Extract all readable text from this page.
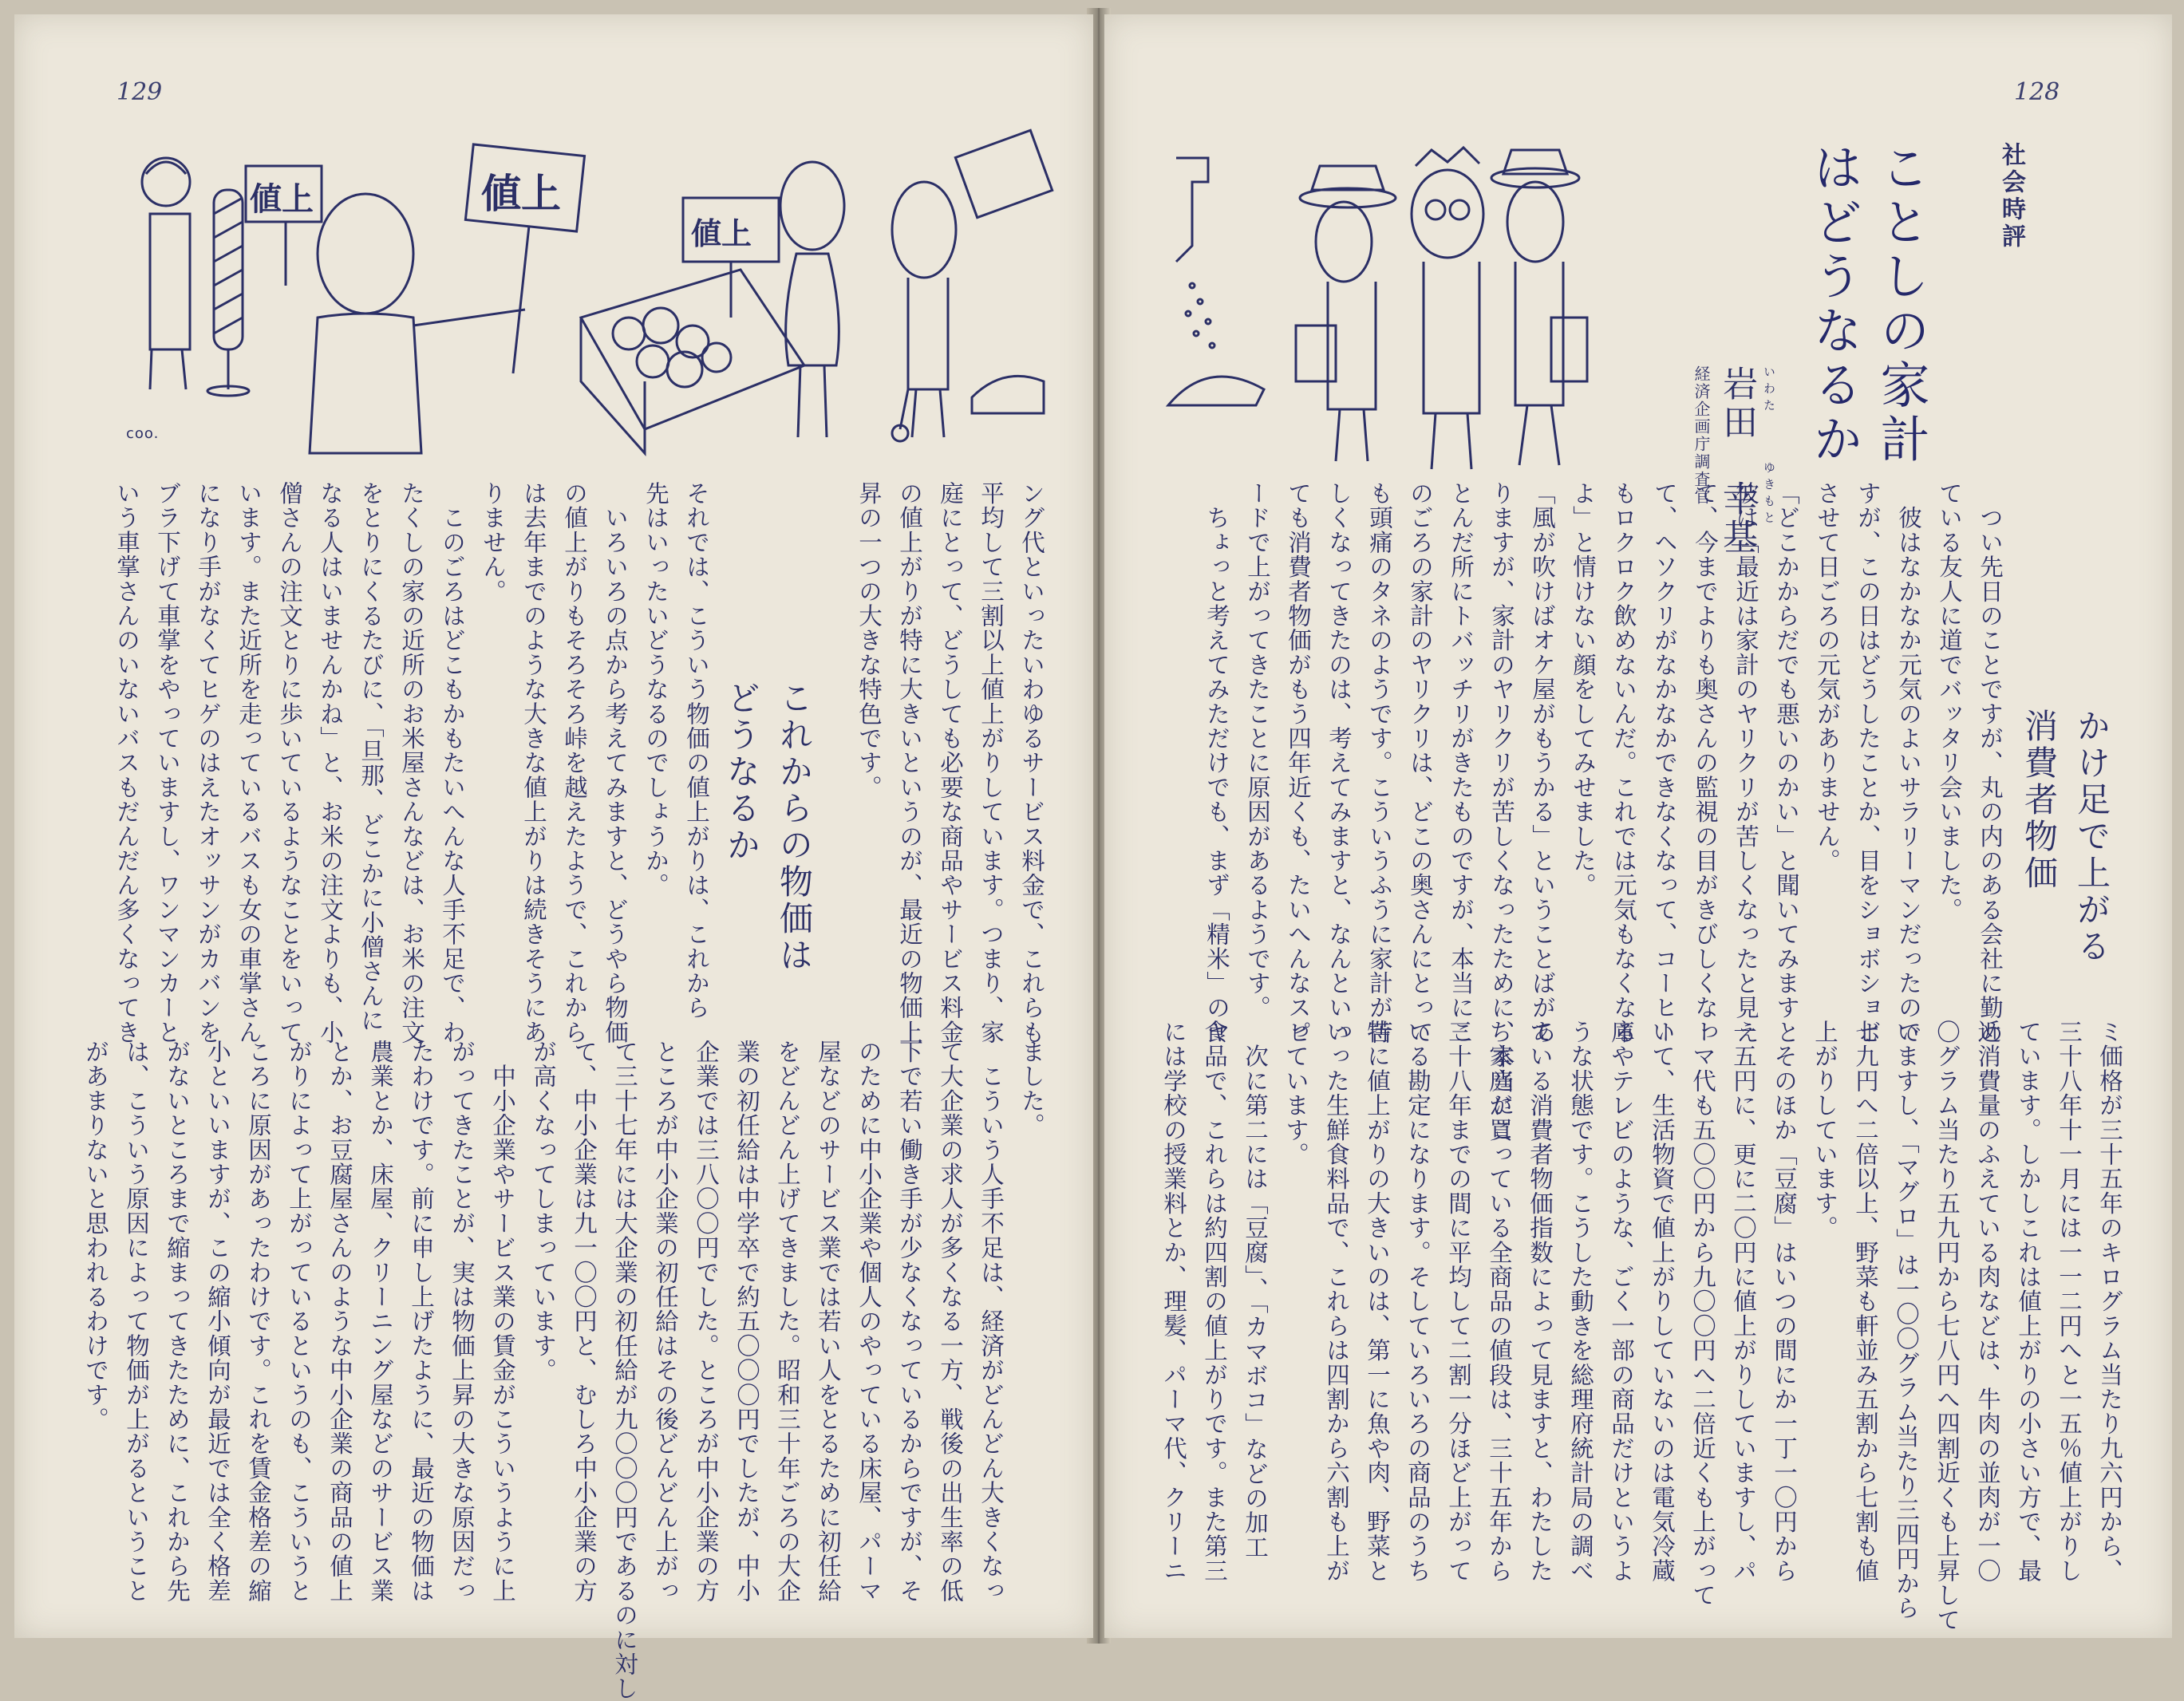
129
値上	値上
値上
coo.
ング代といったいわゆるサービス料金で、これらも
平均して三割以上値上がりしています。つまり、家
庭にとって、どうしても必要な商品やサービス料金
の値上がりが特に大きいというのが、最近の物価上
昇の一つの大きな特色です。
これからの物価は
どうなるか
それでは、こういう物価の値上がりは、これから
先はいったいどうなるのでしょうか。
　いろいろの点から考えてみますと、どうやら物価
の値上がりもそろそろ峠を越えたようで、これから
は去年までのような大きな値上がりは続きそうにあ
りません。
　このごろはどこもかもたいへんな人手不足で、わ
たくしの家の近所のお米屋さんなどは、お米の注文
をとりにくるたびに、「旦那、どこかに小僧さんに
なる人はいませんかね」と、お米の注文よりも、小
僧さんの注文とりに歩いているようなことをいって
います。また近所を走っているバスも女の車掌さん
になり手がなくてヒゲのはえたオッサンがカバンを
ブラ下げて車掌をやっていますし、ワンマンカーと
いう車掌さんのいないバスもだんだん多くなってき
ました。
　こういう人手不足は、経済がどんどん大きくなっ
て大企業の求人が多くなる一方、戦後の出生率の低
下で若い働き手が少なくなっているからですが、そ
のために中小企業や個人のやっている床屋、パーマ
屋などのサービス業では若い人をとるために初任給
をどんどん上げてきました。昭和三十年ごろの大企
業の初任給は中学卒で約五〇〇〇円でしたが、中小
企業では三八〇〇円でした。ところが中小企業の方
ところが中小企業の初任給はその後どんどん上がっ
て三十七年には大企業の初任給が九〇〇〇円であるのに対し
て、中小企業は九一〇〇円と、むしろ中小企業の方
が高くなってしまっています。
　中小企業やサービス業の賃金がこういうように上
がってきたことが、実は物価上昇の大きな原因だっ
たわけです。前に申し上げたように、最近の物価は
農業とか、床屋、クリーニング屋などのサービス業
とか、お豆腐屋さんのような中小企業の商品の値上
がりによって上がっているというのも、こういうと
ころに原因があったわけです。これを賃金格差の縮
小といいますが、この縮小傾向が最近では全く格差
がないところまで縮まってきたために、これから先
は、こういう原因によって物価が上がるということ
があまりないと思われるわけです。
128
社会時評
ことしの家計
はどうなるか
いわた
ゆきもと
岩田　幸基
経済企画庁調査官
　つい先日のことですが、丸の内のある会社に勤め
ている友人に道でバッタリ会いました。
　彼はなかなか元気のよいサラリーマンだったので
すが、この日はどうしたことか、目をショボショボ
させて日ごろの元気がありません。
「どこかからだでも悪いのかい」と聞いてみますと
彼は「最近は家計のヤリクリが苦しくなったと見え
て、今までよりも奥さんの監視の目がきびしくなっ
て、ヘソクリがなかなかできなくなって、コーヒー
もロクロク飲めないんだ。これでは元気もなくなる
よ」と情けない顔をしてみせました。
「風が吹けばオケ屋がもうかる」ということばがあ
りますが、家計のヤリクリが苦しくなったために、本当にこ
とんだ所にトバッチリがきたものですが、本当にこ
のごろの家計のヤリクリは、どこの奥さんにとって
も頭痛のタネのようです。こういうふうに家計が苦
しくなってきたのは、考えてみますと、なんといっ
ても消費者物価がもう四年近くも、たいへんなスピ
ードで上がってきたことに原因があるようです。
　ちょっと考えてみただけでも、まず「精米」のヤ	かけ足で上がる
消費者物価
ミ価格が三十五年のキログラム当たり九六円から、
三十八年十一月には一一二円へと一五％値上がりし
ています。しかしこれは値上がりの小さい方で、最
近消費量のふえている肉などは、牛肉の並肉が一〇
〇グラム当たり五九円から七八円へ四割近くも上昇して
いますし、「マグロ」は一〇〇グラム当たり三四円から
七九円へ二倍以上、野菜も軒並み五割から七割も値
上がりしています。
　そのほか「豆腐」はいつの間にか一丁一〇円から
一五円に、更に二〇円に値上がりしていますし、パ
ーマ代も五〇〇円から九〇〇円へ二倍近くも上がって
いて、生活物資で値上がりしていないのは電気冷蔵
庫やテレビのような、ごく一部の商品だけというよ
うな状態です。こうした動きを総理府統計局の調べ
ている消費者物価指数によって見ますと、わたした
ち家庭が買っている全商品の値段は、三十五年から
三十八年までの間に平均して二割一分ほど上がって
いる勘定になります。そしていろいろの商品のうち
特に値上がりの大きいのは、第一に魚や肉、野菜と
いった生鮮食料品で、これらは四割から六割も上が
っています。
　次に第二には「豆腐」、「カマボコ」などの加工
食品で、これらは約四割の値上がりです。また第三
には学校の授業料とか、理髪、パーマ代、クリーニ
